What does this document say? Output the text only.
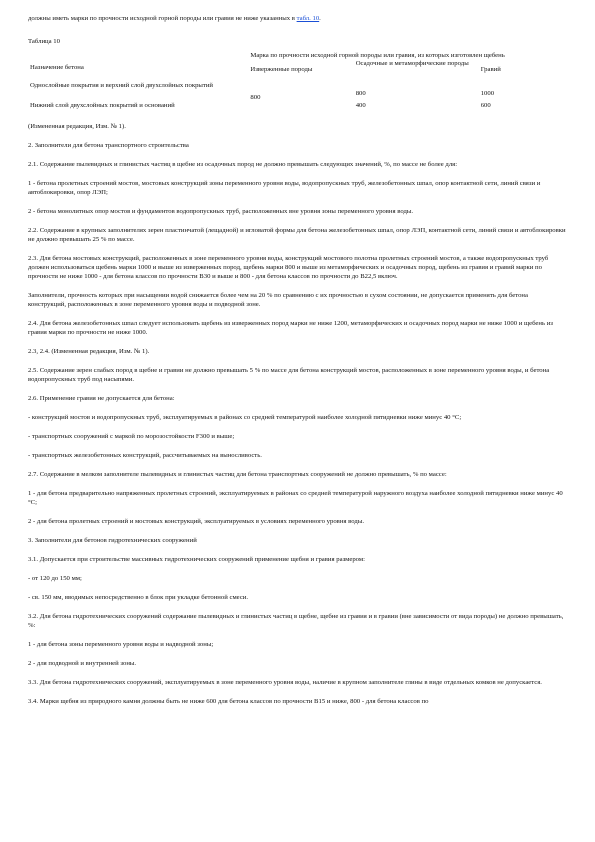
должны иметь марки по прочности исходной горной породы или гравия не ниже указанных в табл. 10.

Таблица 10

Назначение бетона	Марка по прочности исходной горной породы или гравия, из которых изготовлен щебень		
	Изверженные породы	Осадочные и метаморфические породы	Гравий
Однослойные покрытия и верхний слой двухслойных покрытий	800	800	1000
Нижний слой двухслойных покрытий и оснований		400	600

(Измененная редакция, Изм. № 1).

2. Заполнители для бетона транспортного строительства

2.1. Содержание пылевидных и глинистых частиц в щебне из осадочных пород не должно превышать следующих значений, %, по массе не более для:

1 - бетона пролетных строений мостов, мостовых конструкций зоны переменного уровня воды, водопропускных труб, железобетонных шпал, опор контактной сети, линий связи и автоблокировки, опор ЛЭП;

2 - бетона монолитных опор мостов и фундаментов водопропускных труб, расположенных вне уровня зоны переменного уровня воды.

2.2. Содержание в крупных заполнителях зерен пластинчатой (лещадной) и игловатой формы для бетона железобетонных шпал, опор ЛЭП, контактной сети, линий связи и автоблокировки не должно превышать 25 % по массе.

2.3. Для бетона мостовых конструкций, расположенных в зоне переменного уровня воды, конструкций мостового полотна пролетных строений мостов, а также водопропускных труб должен использоваться щебень марки 1000 и выше из изверженных пород, щебень марки 800 и выше из метаморфических и осадочных пород, щебень из гравия и гравий марки по прочности не ниже 1000 - для бетона классов по прочности В30 и выше и 800 - для бетона классов по прочности до В22,5 включ.

Заполнители, прочность которых при насыщении водой снижается более чем на 20 % по сравнению с их прочностью в сухом состоянии, не допускается применять для бетона конструкций, расположенных в зоне переменного уровня воды и подводной зоне.

2.4. Для бетона железобетонных шпал следует использовать щебень из изверженных пород марки не ниже 1200, метаморфических и осадочных пород марки не ниже 1000 и щебень из гравия марки по прочности не ниже 1000.

2.3, 2.4. (Измененная редакция, Изм. № 1).

2.5. Содержание зерен слабых пород в щебне и гравии не должно превышать 5 % по массе для бетона конструкций мостов, расположенных в зоне переменного уровня воды, и бетона водопропускных труб под насыпями.

2.6. Применение гравия не допускается для бетона:

- конструкций мостов и водопропускных труб, эксплуатируемых в районах со средней температурой наиболее холодной пятидневки ниже минус 40 °С;

- транспортных сооружений с маркой по морозостойкости F300 и выше;

- транспортных железобетонных конструкций, рассчитываемых на выносливость.

2.7. Содержание в мелком заполнителе пылевидных и глинистых частиц для бетона транспортных сооружений не должно превышать, % по массе:

1 - для бетона предварительно напряженных пролетных строений, эксплуатируемых в районах со средней температурой наружного воздуха наиболее холодной пятидневки ниже минус 40 °С;

2 - для бетона пролетных строений и мостовых конструкций, эксплуатируемых в условиях переменного уровня воды.

3. Заполнители для бетонов гидротехнических сооружений

3.1. Допускается при строительстве массивных гидротехнических сооружений применение щебня и гравия размером:

- от 120 до 150 мм;

- св. 150 мм, вводимых непосредственно в блок при укладке бетонной смеси.

3.2. Для бетона гидротехнических сооружений содержание пылевидных и глинистых частиц в щебне, щебне из гравия и в гравии (вне зависимости от вида породы) не должно превышать, %:

1 - для бетона зоны переменного уровня воды и надводной зоны;

2 - для подводной и внутренней зоны.

3.3. Для бетона гидротехнических сооружений, эксплуатируемых в зоне переменного уровня воды, наличие в крупном заполнителе глины в виде отдельных комков не допускается.

3.4. Марки щебня из природного камня должны быть не ниже 600 для бетона классов по прочности В15 и ниже, 800 - для бетона классов по
